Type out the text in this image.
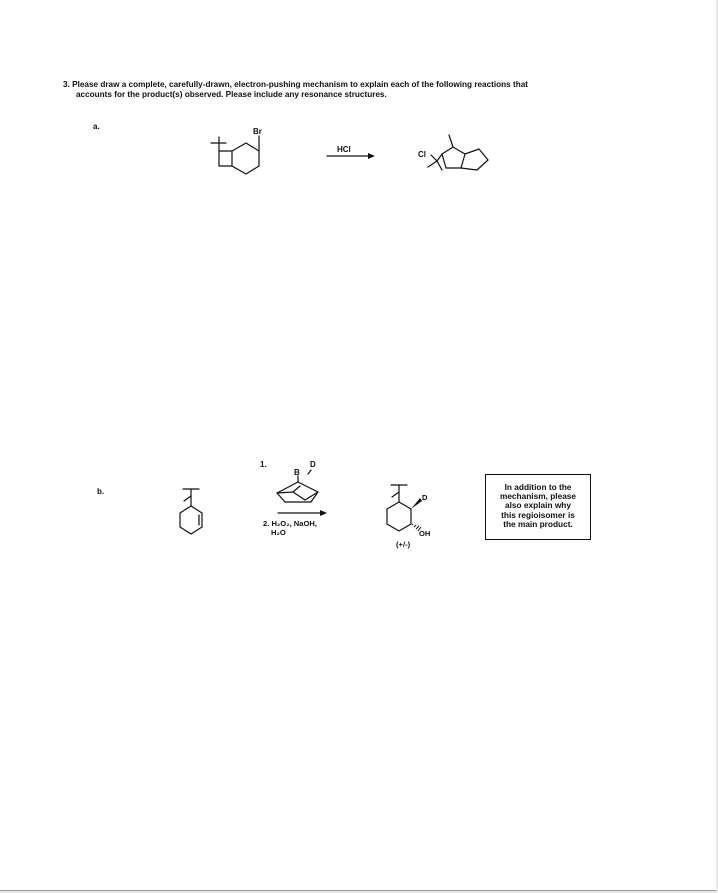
3. Please draw a complete, carefully-drawn, electron-pushing mechanism to explain each of the following reactions that
accounts for the product(s) observed. Please include any resonance structures.
a.
b.
Br
HCl
Cl
1.
B
D
2. H₂O₂, NaOH,
H₂O
D
OH
(+/-)
In addition to the
mechanism, please
also explain why
this regioisomer is
the main product.
